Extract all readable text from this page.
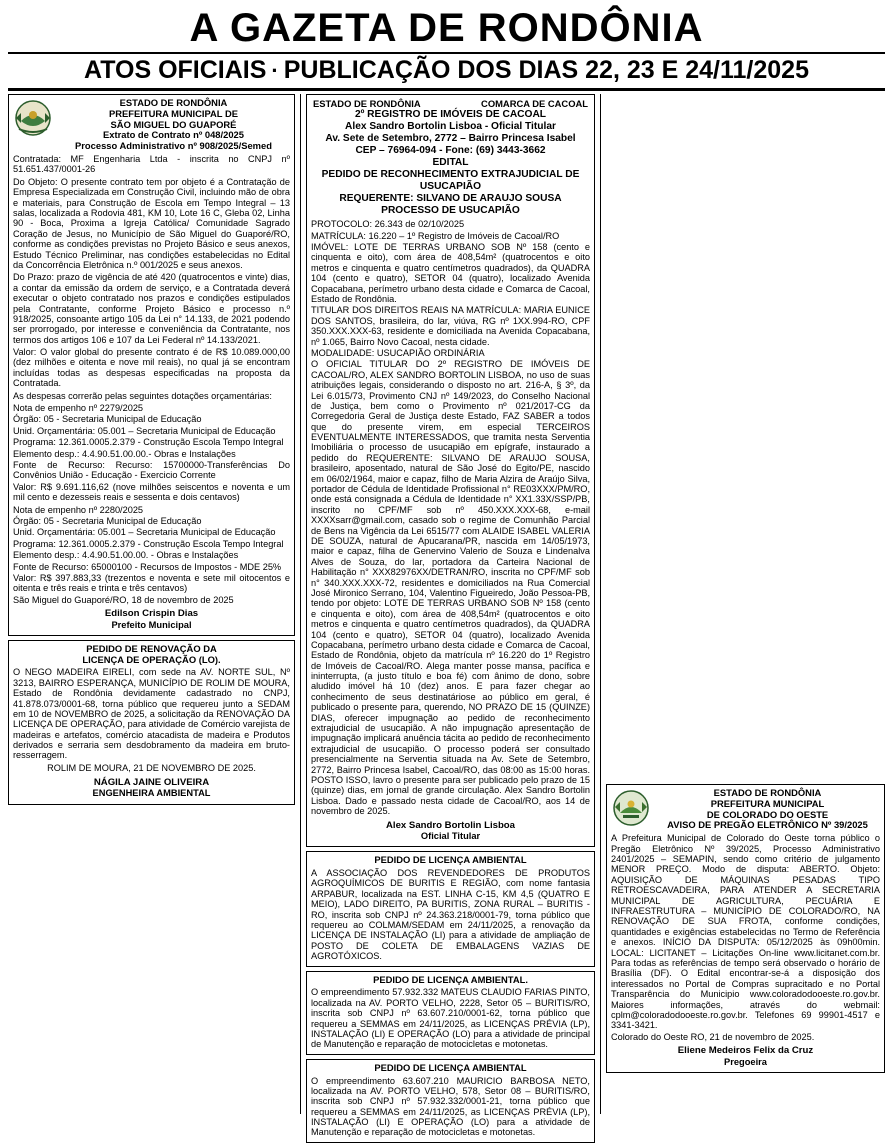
A GAZETA DE RONDÔNIA
ATOS OFICIAIS · PUBLICAÇÃO DOS DIAS 22, 23 E 24/11/2025
ESTADO DE RONDÔNIA
PREFEITURA MUNICIPAL DE
SÃO MIGUEL DO GUAPORÉ
Extrato de Contrato nº 048/2025
Processo Administrativo nº 908/2025/Semed
Contratada: MF Engenharia Ltda - inscrita no CNPJ nº 51.651.437/0001-26
Do Objeto: O presente contrato tem por objeto é a Contratação de Empresa Especializada em Construção Civil, incluindo mão de obra e materiais, para Construção de Escola em Tempo Integral – 13 salas, localizada a Rodovia 481, KM 10, Lote 16 C, Gleba 02, Linha 90 - Boca, Proxima a Igreja Católica/ Comunidade Sagrado Coração de Jesus, no Município de São Miguel do Guaporé/RO, conforme as condições previstas no Projeto Básico e seus anexos, Estudo Técnico Preliminar, nas condições estabelecidas no Edital da Concorrência Eletrônica n.º 001/2025 e seus anexos.
Do Prazo: prazo de vigência de até 420 (quatrocentos e vinte) dias, a contar da emissão da ordem de serviço, e a Contratada deverá executar o objeto contratado nos prazos e condições estipulados pela Contratante, conforme Projeto Básico e processo n.º 918/2025, consoante artigo 105 da Lei n° 14.133, de 2021 podendo ser prorrogado, por interesse e conveniência da Contratante, nos termos dos artigos 106 e 107 da Lei Federal nº 14.133/2021.
Valor: O valor global do presente contrato é de R$ 10.089.000,00 (dez milhões e oitenta e nove mil reais), no qual já se encontram incluídas todas as despesas especificadas na proposta da Contratada.
As despesas correrão pelas seguintes dotações orçamentárias:
Nota de empenho nº 2279/2025
Órgão: 05 - Secretaria Municipal de Educação
Unid. Orçamentária: 05.001 – Secretaria Municipal de Educação
Programa: 12.361.0005.2.379 - Construção Escola Tempo Integral
Elemento desp.: 4.4.90.51.00.00.- Obras e Instalações
Fonte de Recurso: Recurso: 15700000-Transferências Do Convênios União - Educação - Exercicio Corrente
Valor: R$ 9.691.116,62 (nove milhões seiscentos e noventa e um mil cento e dezesseis reais e sessenta e dois centavos)
Nota de empenho nº 2280/2025
Órgão: 05 - Secretaria Municipal de Educação
Unid. Orçamentária: 05.001 – Secretaria Municipal de Educação
Programa: 12.361.0005.2.379 - Construção Escola Tempo Integral
Elemento desp.: 4.4.90.51.00.00. - Obras e Instalações
Fonte de Recurso: 65000100 - Recursos de Impostos - MDE 25%
Valor: R$ 397.883,33 (trezentos e noventa e sete mil oitocentos e oitenta e três reais e trinta e três centavos)
São Miguel do Guaporé/RO, 18 de novembro de 2025
Edilson Crispin Dias
Prefeito Municipal
PEDIDO DE RENOVAÇÃO DA
LICENÇA DE OPERAÇÃO (LO).
O NEGO MADEIRA EIRELI, com sede na AV. NORTE SUL, Nº 3213, BAIRRO ESPERANÇA, MUNICÍPIO DE ROLIM DE MOURA, Estado de Rondônia devidamente cadastrado no CNPJ, 41.878.073/0001-68, torna público que requereu junto a SEDAM em 10 de NOVEMBRO de 2025, a solicitação da RENOVAÇÃO DA LICENÇA DE OPERAÇÃO, para atividade de Comércio varejista de madeiras e artefatos, comércio atacadista de madeira e Produtos derivados e serraria sem desdobramento da madeira em bruto-resserragem.
ROLIM DE MOURA, 21 DE NOVEMBRO DE 2025.
NÁGILA JAINE OLIVEIRA
ENGENHEIRA AMBIENTAL
ESTADO DE RONDÔNIA	COMARCA DE CACOAL
2º REGISTRO DE IMÓVEIS DE CACOAL
Alex Sandro Bortolin Lisboa - Oficial Titular
Av. Sete de Setembro, 2772 – Bairro Princesa Isabel
CEP – 76964-094 - Fone: (69) 3443-3662
EDITAL
PEDIDO DE RECONHECIMENTO EXTRAJUDICIAL DE USUCAPIÃO
REQUERENTE: SILVANO DE ARAUJO SOUSA
PROCESSO DE USUCAPIÃO
PROTOCOLO: 26.343 de 02/10/2025
MATRÍCULA: 16.220 – 1º Registro de Imóveis de Cacoal/RO
IMÓVEL: LOTE DE TERRAS URBANO SOB Nº 158 (cento e cinquenta e oito), com área de 408,54m² (quatrocentos e oito metros e cinquenta e quatro centímetros quadrados), da QUADRA 104 (cento e quatro), SETOR 04 (quatro), localizado Avenida Copacabana, perímetro urbano desta cidade e Comarca de Cacoal, Estado de Rondônia.
TITULAR DOS DIREITOS REAIS NA MATRÍCULA: MARIA EUNICE DOS SANTOS, brasileira, do lar, viúva, RG nº 1XX.994-RO, CPF 350.XXX.XXX-63, residente e domiciliada na Avenida Copacabana, nº 1.065, Bairro Novo Cacoal, nesta cidade.
MODALIDADE: USUCAPIÃO ORDINÁRIA
O OFICIAL TITULAR DO 2º REGISTRO DE IMÓVEIS DE CACOAL/RO, ALEX SANDRO BORTOLIN LISBOA, no uso de suas atribuições legais, considerando o disposto no art. 216-A, § 3º, da Lei 6.015/73, Provimento CNJ nº 149/2023, do Conselho Nacional de Justiça, bem como o Provimento nº 021/2017-CG da Corregedoria Geral de Justiça deste Estado, FAZ SABER a todos que do presente virem, em especial TERCEIROS EVENTUALMENTE INTERESSADOS, que tramita nesta Serventia Imobiliária o processo de usucapião em epígrafe, instaurado a pedido do REQUERENTE: SILVANO DE ARAUJO SOUSA, brasileiro, aposentado, natural de São José do Egito/PE, nascido em 06/02/1964, maior e capaz, filho de Maria Alzira de Araújo Silva, portador de Cédula de Identidade Profissional n° RE03XXX/PM/RO, onde está consignada a Cédula de Identidade n° XX1.33X/SSP/PB, inscrito no CPF/MF sob nº 450.XXX.XXX-68, e-mail XXXXsarr@gmail.com, casado sob o regime de Comunhão Parcial de Bens na Vigência da Lei 6515/77 com ALAIDE ISABEL VALERIA DE SOUZA, natural de Apucarana/PR, nascida em 14/05/1973, maior e capaz, filha de Genervino Valerio de Souza e Lindenalva Alves de Souza, do lar, portadora da Carteira Nacional de Habilitação n° XXX82976XX/DETRAN/RO, inscrita no CPF/MF sob n° 340.XXX.XXX-72, residentes e domiciliados na Rua Comercial José Mironico Serrano, 104, Valentino Figueiredo, João Pessoa-PB, tendo por objeto: LOTE DE TERRAS URBANO SOB Nº 158 (cento e cinquenta e oito), com área de 408,54m² (quatrocentos e oito metros e cinquenta e quatro centímetros quadrados), da QUADRA 104 (cento e quatro), SETOR 04 (quatro), localizado Avenida Copacabana, perímetro urbano desta cidade e Comarca de Cacoal, Estado de Rondônia, objeto da matrícula nº 16.220 do 1º Registro de Imóveis de Cacoal/RO. Alega manter posse mansa, pacífica e ininterrupta, (a justo título e boa fé) com ânimo de dono, sobre aludido imóvel há 10 (dez) anos. E para fazer chegar ao conhecimento de seus destinatáriose ao público em geral, é publicado o presente para, querendo, NO PRAZO DE 15 (QUINZE) DIAS, oferecer impugnação ao pedido de reconhecimento extrajudicial de usucapião. A não impugnação apresentação de impugnação implicará anuência tácita ao pedido de reconhecimento extrajudicial de usucapião. O processo poderá ser consultado presencialmente na Serventia situada na Av. Sete de Setembro, 2772, Bairro Princesa Isabel, Cacoal/RO, das 08:00 as 15:00 horas. POSTO ISSO, lavro o presente para ser publicado pelo prazo de 15 (quinze) dias, em jornal de grande circulação. Alex Sandro Bortolin Lisboa. Dado e passado nesta cidade de Cacoal/RO, aos 14 de novembro de 2025.
Alex Sandro Bortolin Lisboa
Oficial Titular
PEDIDO DE LICENÇA AMBIENTAL
A ASSOCIAÇÃO DOS REVENDEDORES DE PRODUTOS AGROQUÍMICOS DE BURITIS E REGIÃO, com nome fantasia ARPABUR, localizada na EST. LINHA C-15, KM 4,5 (QUATRO E MEIO), LADO DIREITO, PA BURITIS, ZONA RURAL – BURITIS - RO, inscrita sob CNPJ nº 24.363.218/0001-79, torna público que requereu ao COLMAM/SEDAM em 24/11/2025, a renovação da LICENÇA DE INSTALAÇÃO (LI) para a atividade de ampliação de POSTO DE COLETA DE EMBALAGENS VAZIAS DE AGROTÓXICOS.
PEDIDO DE LICENÇA AMBIENTAL.
O empreendimento 57.932.332 MATEUS CLAUDIO FARIAS PINTO, localizada na AV. PORTO VELHO, 2228, Setor 05 – BURITIS/RO, inscrita sob CNPJ nº 63.607.210/0001-62, torna público que requereu a SEMMAS em 24/11/2025, as LICENÇAS PRÉVIA (LP), INSTALAÇÃO (LI) E OPERAÇÃO (LO) para a atividade de principal de Manutenção e reparação de motocicletas e motonetas.
PEDIDO DE LICENÇA AMBIENTAL
O empreendimento 63.607.210 MAURICIO BARBOSA NETO, localizada na AV. PORTO VELHO, 578, Setor 08 – BURITIS/RO, inscrita sob CNPJ nº 57.932.332/0001-21, torna público que requereu a SEMMAS em 24/11/2025, as LICENÇAS PRÉVIA (LP), INSTALAÇÃO (LI) E OPERAÇÃO (LO) para a atividade de Manutenção e reparação de motocicletas e motonetas.
ESTADO DE RONDÔNIA
PREFEITURA MUNICIPAL
DE COLORADO DO OESTE
AVISO DE PREGÃO ELETRÔNICO Nº 39/2025
A Prefeitura Municipal de Colorado do Oeste torna público o Pregão Eletrônico Nº 39/2025, Processo Administrativo 2401/2025 – SEMAPIN, sendo como critério de julgamento MENOR PREÇO. Modo de disputa: ABERTO. Objeto: AQUISIÇÃO DE MÁQUINAS PESADAS TIPO RETROESCAVADEIRA, PARA ATENDER A SECRETARIA MUNICIPAL DE AGRICULTURA, PECUÁRIA E INFRAESTRUTURA – MUNICÍPIO DE COLORADO/RO, NA RENOVAÇÃO DE SUA FROTA, conforme condições, quantidades e exigências estabelecidas no Termo de Referência e anexos. INÍCIO DA DISPUTA: 05/12/2025 às 09h00min. LOCAL: LICITANET – Licitações On-line www.licitanet.com.br. Para todas as referências de tempo será observado o horário de Brasília (DF). O Edital encontrar-se-á a disposição dos interessados no Portal de Compras supracitado e no Portal Transparência do Municipio www.coloradodooeste.ro.gov.br. Maiores informações, através do webmail: cplm@coloradodooeste.ro.gov.br. Telefones 69 99901-4517 e 3341-3421.
Colorado do Oeste RO, 21 de novembro de 2025.
Eliene Medeiros Felix da Cruz
Pregoeira
